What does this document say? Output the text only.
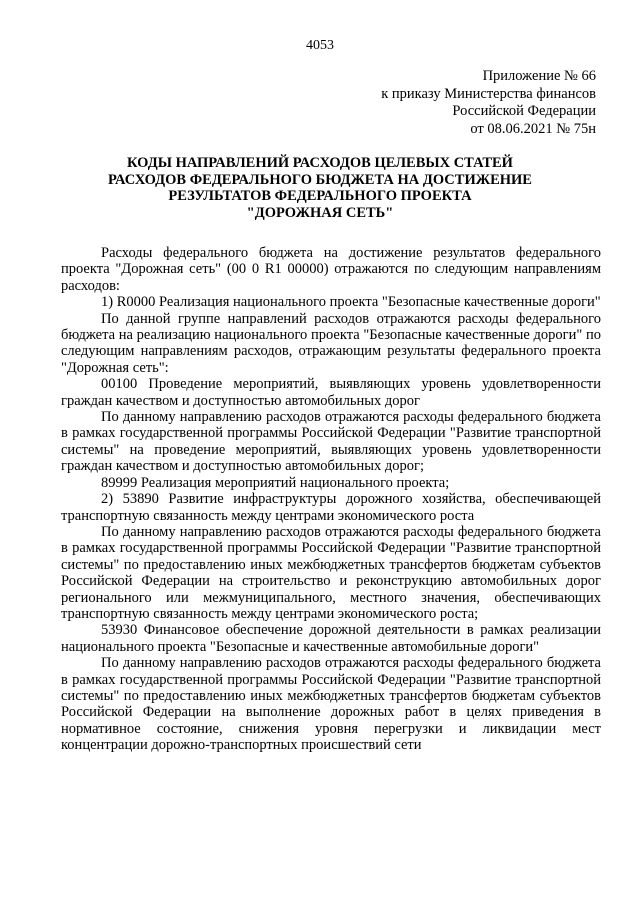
4053
Приложение № 66
к приказу Министерства финансов
Российской Федерации
от 08.06.2021 № 75н
КОДЫ НАПРАВЛЕНИЙ РАСХОДОВ ЦЕЛЕВЫХ СТАТЕЙ
РАСХОДОВ ФЕДЕРАЛЬНОГО БЮДЖЕТА НА ДОСТИЖЕНИЕ
РЕЗУЛЬТАТОВ ФЕДЕРАЛЬНОГО ПРОЕКТА
"ДОРОЖНАЯ СЕТЬ"

Расходы федерального бюджета на достижение результатов федерального проекта "Дорожная сеть" (00 0 R1 00000) отражаются по следующим направлениям расходов:

1) R0000 Реализация национального проекта "Безопасные качественные дороги"

По данной группе направлений расходов отражаются расходы федерального бюджета на реализацию национального проекта "Безопасные качественные дороги" по следующим направлениям расходов, отражающим результаты федерального проекта "Дорожная сеть":

00100 Проведение мероприятий, выявляющих уровень удовлетворенности граждан качеством и доступностью автомобильных дорог

По данному направлению расходов отражаются расходы федерального бюджета в рамках государственной программы Российской Федерации "Развитие транспортной системы" на проведение мероприятий, выявляющих уровень удовлетворенности граждан качеством и доступностью автомобильных дорог;

89999 Реализация мероприятий национального проекта;

2) 53890 Развитие инфраструктуры дорожного хозяйства, обеспечивающей транспортную связанность между центрами экономического роста

По данному направлению расходов отражаются расходы федерального бюджета в рамках государственной программы Российской Федерации "Развитие транспортной системы" по предоставлению иных межбюджетных трансфертов бюджетам субъектов Российской Федерации на строительство и реконструкцию автомобильных дорог регионального или межмуниципального, местного значения, обеспечивающих транспортную связанность между центрами экономического роста;

53930 Финансовое обеспечение дорожной деятельности в рамках реализации национального проекта "Безопасные и качественные автомобильные дороги"

По данному направлению расходов отражаются расходы федерального бюджета в рамках государственной программы Российской Федерации "Развитие транспортной системы" по предоставлению иных межбюджетных трансфертов бюджетам субъектов Российской Федерации на выполнение дорожных работ в целях приведения в нормативное состояние, снижения уровня перегрузки и ликвидации мест концентрации дорожно-транспортных происшествий сети
